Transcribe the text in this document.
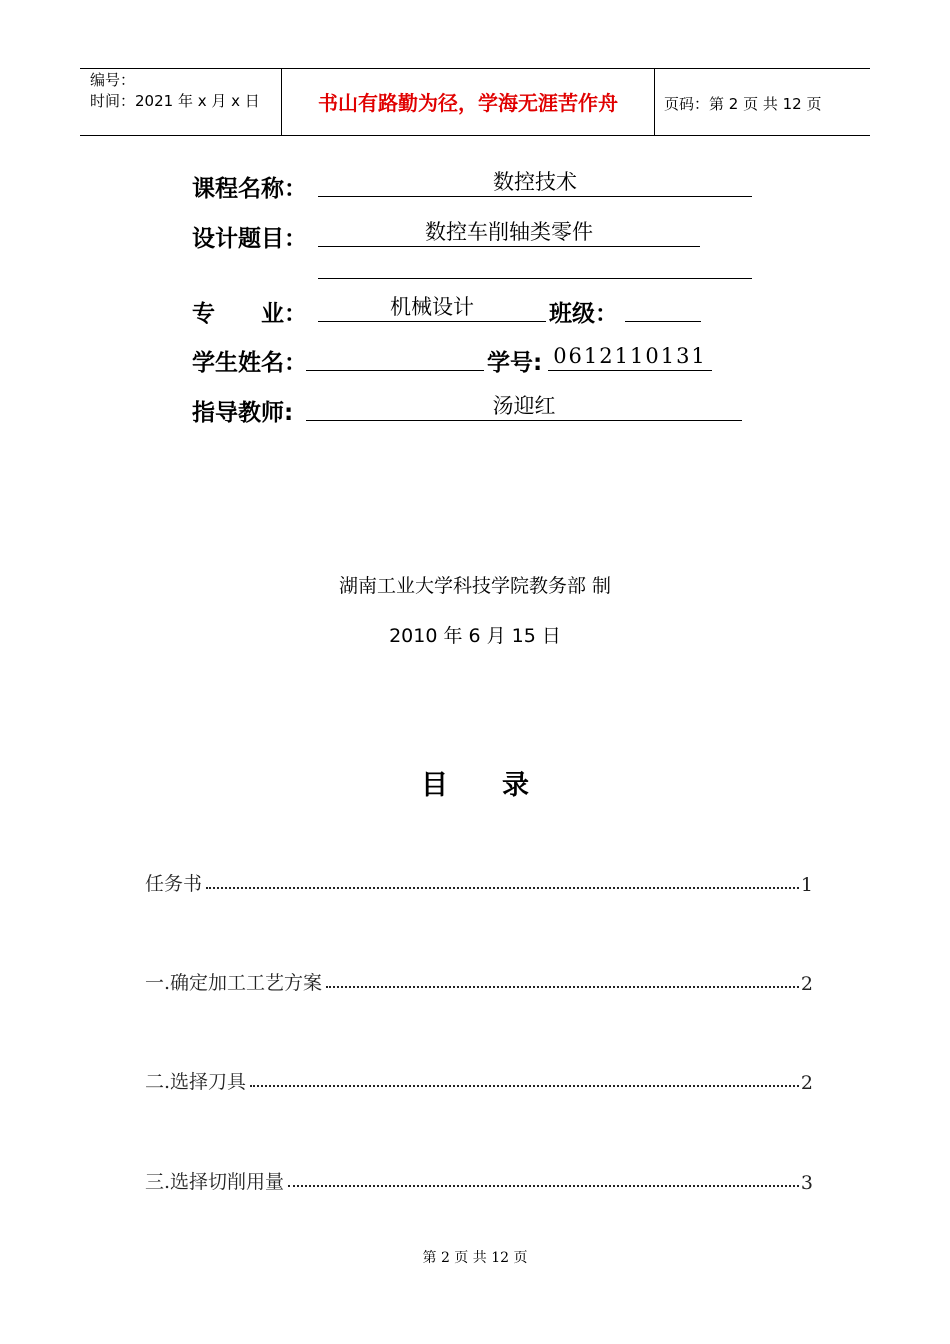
编号：
时间：2021 年 x 月 x 日	书山有路勤为径，学海无涯苦作舟	页码：第 2 页 共 12 页
课程名称：	数控技术
设计题目：	数控车削轴类零件
专　　业：	机械设计	班级：
学生姓名：	学号: 0612110131
指导教师:	汤迎红
湖南工业大学科技学院教务部 制
2010 年 6 月 15 日
目　　录
任务书	1
一.确定加工工艺方案	2
二.选择刀具	2
三.选择切削用量	3
第 2 页 共 12 页
